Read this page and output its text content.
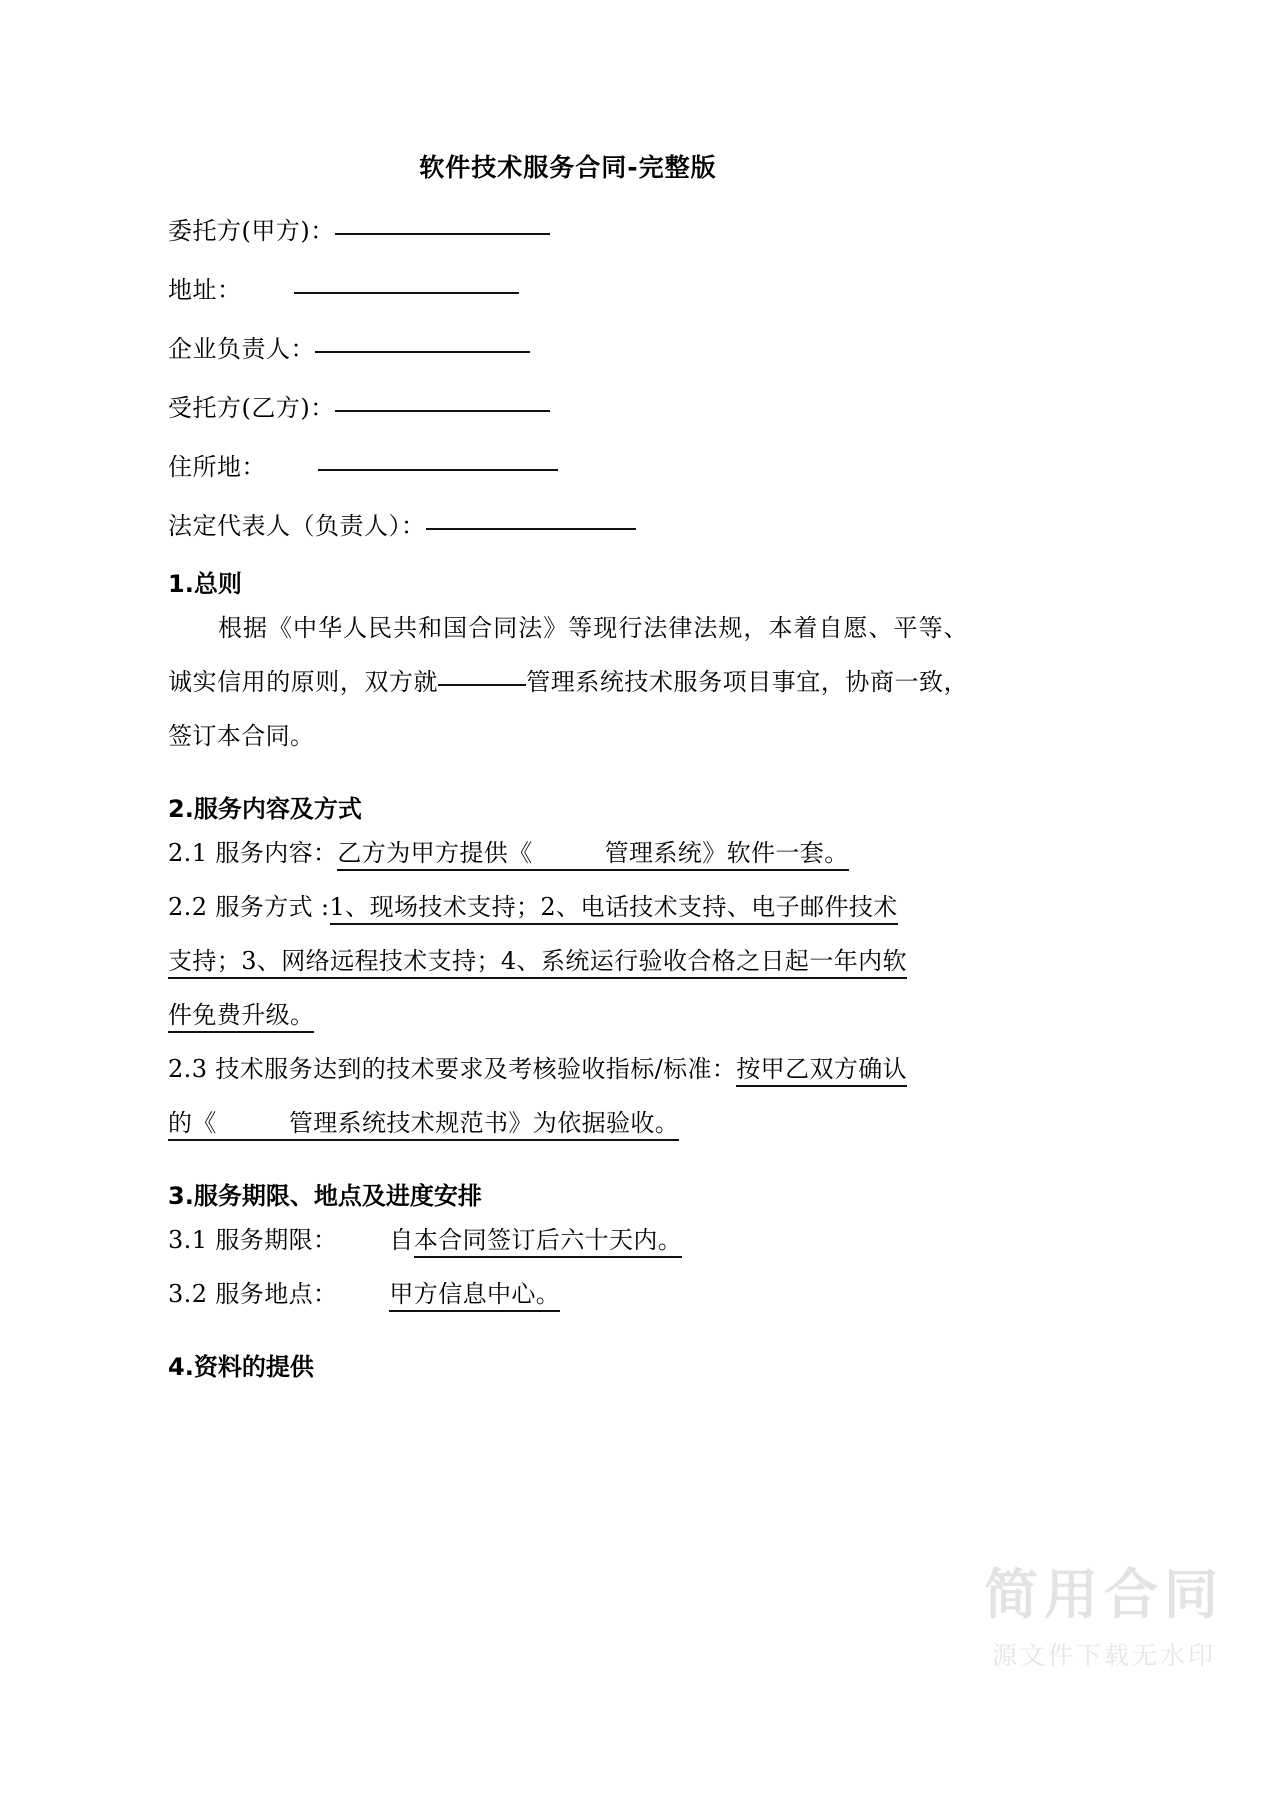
软件技术服务合同-完整版
委托方(甲方)：
地址：
企业负责人：
受托方(乙方)：
住所地：
法定代表人（负责人）：
1.总则
根据《中华人民共和国合同法》等现行法律法规，本着自愿、平等、诚实信用的原则，双方就	管理系统技术服务项目事宜，协商一致，签订本合同。
2.服务内容及方式
2.1 服务内容：乙方为甲方提供《	管理系统》软件一套。
2.2 服务方式 :1、现场技术支持；2、电话技术支持、电子邮件技术
支持；3、网络远程技术支持；4、系统运行验收合格之日起一年内软
件免费升级。
2.3 技术服务达到的技术要求及考核验收指标/标准：按甲乙双方确认
的《	管理系统技术规范书》为依据验收。
3.服务期限、地点及进度安排
3.1 服务期限： 自本合同签订后六十天内。
3.2 服务地点： 甲方信息中心。
4.资料的提供
简用合同
源文件下载无水印
